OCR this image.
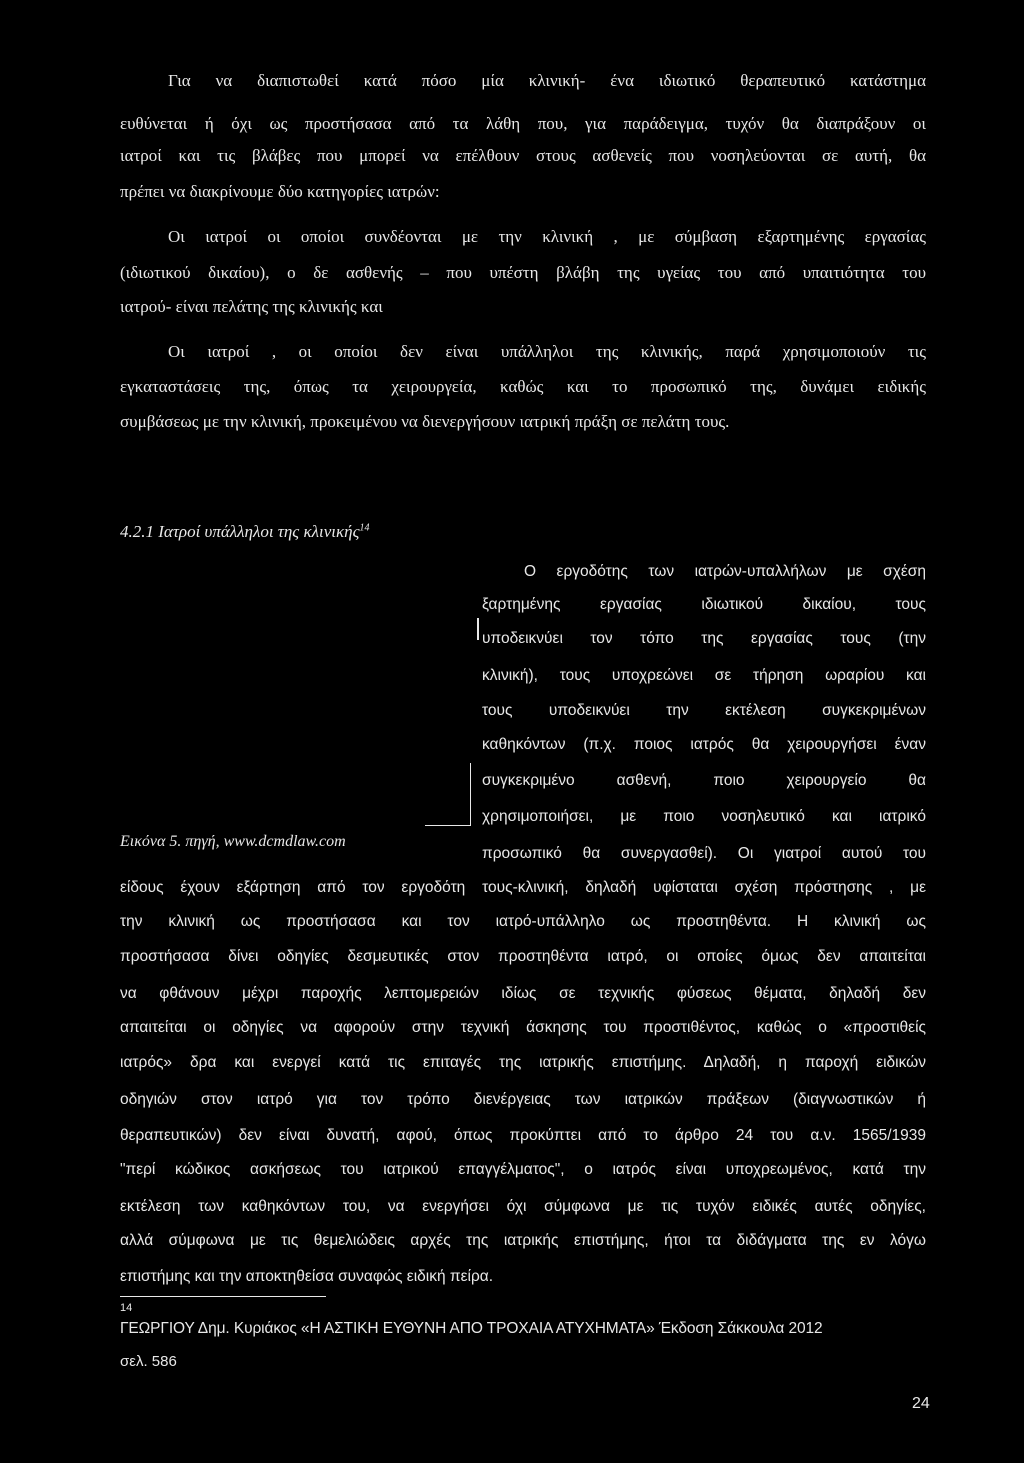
Για να διαπιστωθεί κατά πόσο μία κλινική- ένα ιδιωτικό θεραπευτικό κατάστημα
ευθύνεται ή όχι ως προστήσασα από τα λάθη που, για παράδειγμα, τυχόν θα διαπράξουν οι
ιατροί και τις βλάβες που μπορεί να επέλθουν στους ασθενείς που νοσηλεύονται σε αυτή, θα
πρέπει να διακρίνουμε δύο κατηγορίες ιατρών:
Οι ιατροί οι οποίοι συνδέονται με την κλινική , με σύμβαση εξαρτημένης εργασίας
(ιδιωτικού δικαίου), ο δε ασθενής – που υπέστη βλάβη της υγείας του από υπαιτιότητα του
ιατρού- είναι πελάτης της κλινικής και
Οι ιατροί , οι οποίοι δεν είναι υπάλληλοι της κλινικής, παρά χρησιμοποιούν τις
εγκαταστάσεις της, όπως τα χειρουργεία, καθώς και το προσωπικό της, δυνάμει ειδικής
συμβάσεως με την κλινική, προκειμένου να διενεργήσουν ιατρική πράξη σε πελάτη τους.
4.2.1 Ιατροί υπάλληλοι της κλινικής$^{14}$
Εικόνα 5. πηγή, www.dcmdlaw.com
Ο εργοδότης των ιατρών-υπαλλήλων με σχέση
ξαρτημένης εργασίας ιδιωτικού δικαίου, τους
υποδεικνύει τον τόπο της εργασίας τους (την
κλινική), τους υποχρεώνει σε τήρηση ωραρίου και
τους υποδεικνύει την εκτέλεση συγκεκριμένων
καθηκόντων (π.χ. ποιος ιατρός θα χειρουργήσει έναν
συγκεκριμένο ασθενή, ποιο χειρουργείο θα
χρησιμοποιήσει, με ποιο νοσηλευτικό και ιατρικό
προσωπικό θα συνεργασθεί). Οι γιατροί αυτού του
είδους έχουν εξάρτηση από τον εργοδότη τους-κλινική, δηλαδή υφίσταται σχέση πρόστησης , με
την κλινική ως προστήσασα και τον ιατρό-υπάλληλο ως προστηθέντα. Η κλινική ως
προστήσασα δίνει οδηγίες δεσμευτικές στον προστηθέντα ιατρό, οι οποίες όμως δεν απαιτείται
να φθάνουν μέχρι παροχής λεπτομερειών ιδίως σε τεχνικής φύσεως θέματα, δηλαδή δεν
απαιτείται οι οδηγίες να αφορούν στην τεχνική άσκησης του προστιθέντος, καθώς ο «προστιθείς
ιατρός» δρα και ενεργεί κατά τις επιταγές της ιατρικής επιστήμης. Δηλαδή, η παροχή ειδικών
οδηγιών στον ιατρό για τον τρόπο διενέργειας των ιατρικών πράξεων (διαγνωστικών ή
θεραπευτικών) δεν είναι δυνατή, αφού, όπως προκύπτει από το άρθρο 24 του α.ν. 1565/1939
"περί κώδικος ασκήσεως του ιατρικού επαγγέλματος", ο ιατρός είναι υποχρεωμένος, κατά την
εκτέλεση των καθηκόντων του, να ενεργήσει όχι σύμφωνα με τις τυχόν ειδικές αυτές οδηγίες,
αλλά σύμφωνα με τις θεμελιώδεις αρχές της ιατρικής επιστήμης, ήτοι τα διδάγματα της εν λόγω
επιστήμης και την αποκτηθείσα συναφώς ειδική πείρα.
14
ΓΕΩΡΓΙΟΥ Δημ. Κυριάκος «Η ΑΣΤΙΚΗ ΕΥΘΥΝΗ ΑΠΟ ΤΡΟΧΑΙΑ ΑΤΥΧΗΜΑΤΑ» Έκδοση Σάκκουλα 2012
σελ. 586
24
